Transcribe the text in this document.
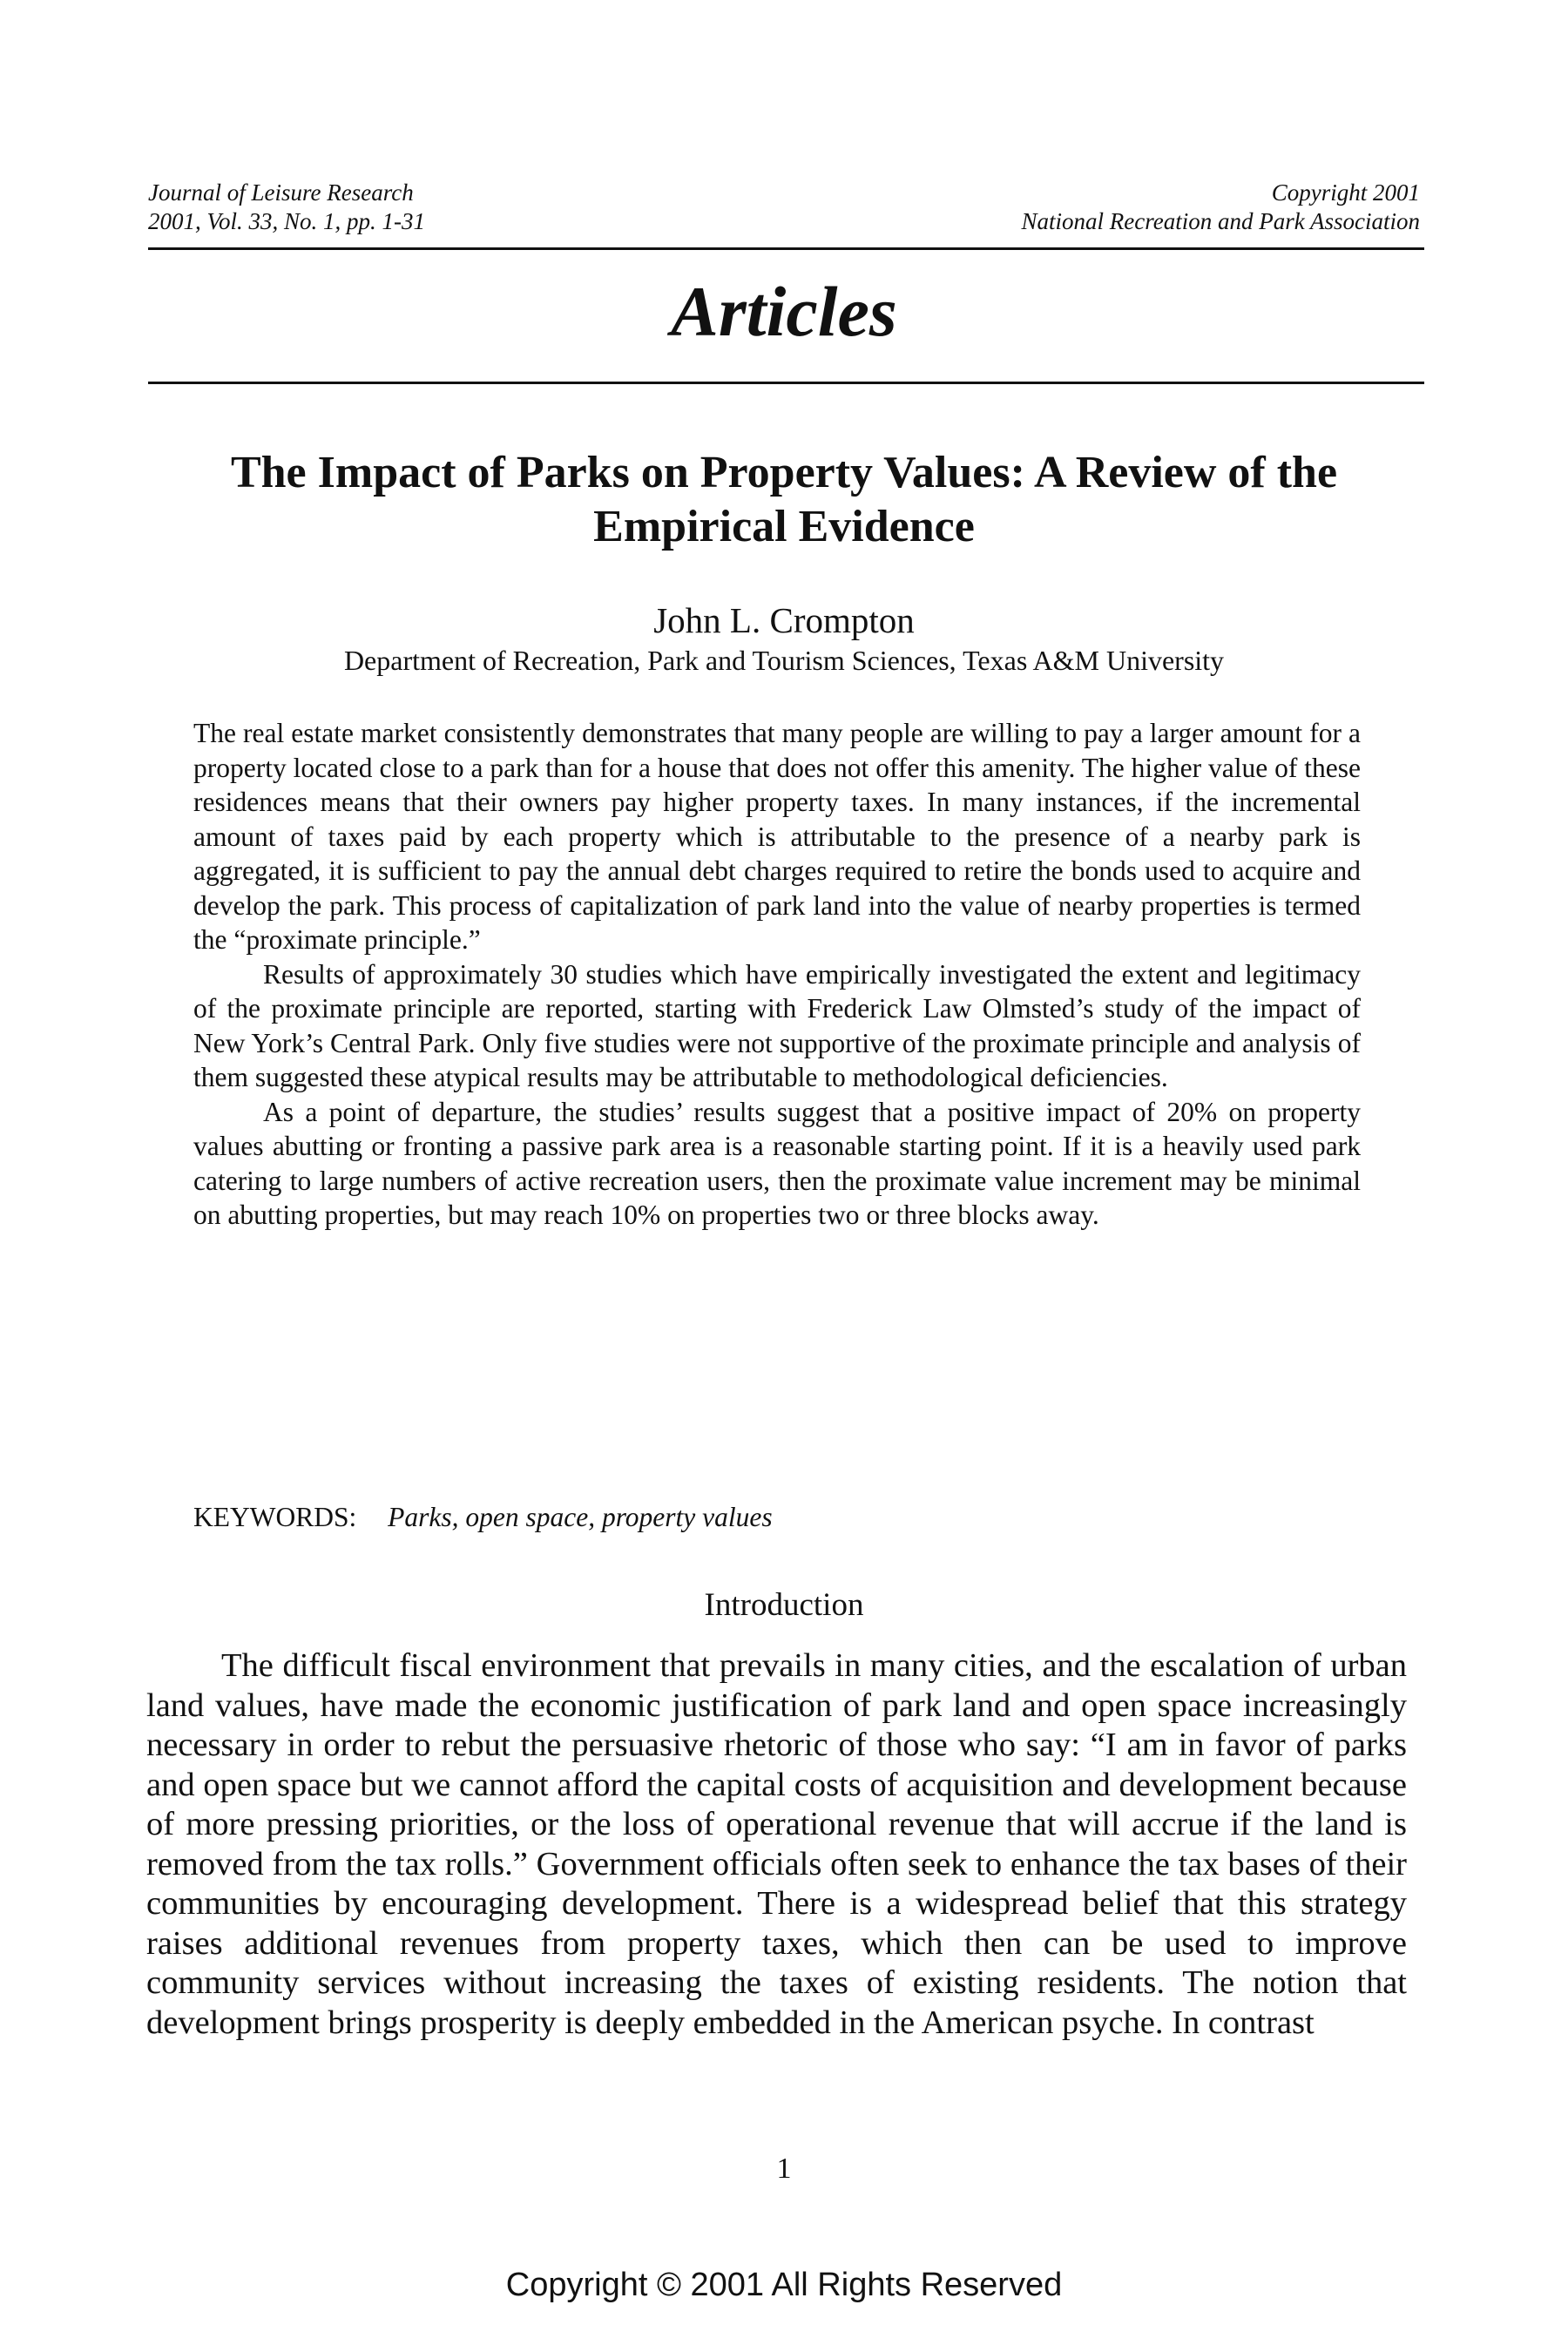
Journal of Leisure Research
2001, Vol. 33, No. 1, pp. 1-31
Copyright 2001
National Recreation and Park Association
Articles
The Impact of Parks on Property Values: A Review of the Empirical Evidence
John L. Crompton
Department of Recreation, Park and Tourism Sciences, Texas A&M University

The real estate market consistently demonstrates that many people are willing to pay a larger amount for a property located close to a park than for a house that does not offer this amenity. The higher value of these residences means that their owners pay higher property taxes. In many instances, if the incremental amount of taxes paid by each property which is attributable to the presence of a nearby park is aggregated, it is sufficient to pay the annual debt charges required to retire the bonds used to acquire and develop the park. This process of capitalization of park land into the value of nearby properties is termed the “proximate principle.”

Results of approximately 30 studies which have empirically investigated the extent and legitimacy of the proximate principle are reported, starting with Frederick Law Olmsted’s study of the impact of New York’s Central Park. Only five studies were not supportive of the proximate principle and analysis of them suggested these atypical results may be attributable to methodological deficiencies.

As a point of departure, the studies’ results suggest that a positive impact of 20% on property values abutting or fronting a passive park area is a reasonable starting point. If it is a heavily used park catering to large numbers of active recreation users, then the proximate value increment may be minimal on abutting properties, but may reach 10% on properties two or three blocks away.

KEYWORDS: Parks, open space, property values
Introduction

The difficult fiscal environment that prevails in many cities, and the escalation of urban land values, have made the economic justification of park land and open space increasingly necessary in order to rebut the persuasive rhetoric of those who say: “I am in favor of parks and open space but we cannot afford the capital costs of acquisition and development because of more pressing priorities, or the loss of operational revenue that will accrue if the land is removed from the tax rolls.” Government officials often seek to enhance the tax bases of their communities by encouraging development. There is a widespread belief that this strategy raises additional revenues from property taxes, which then can be used to improve community services without increasing the taxes of existing residents. The notion that development brings prosperity is deeply embedded in the American psyche. In contrast

1
Copyright © 2001 All Rights Reserved
